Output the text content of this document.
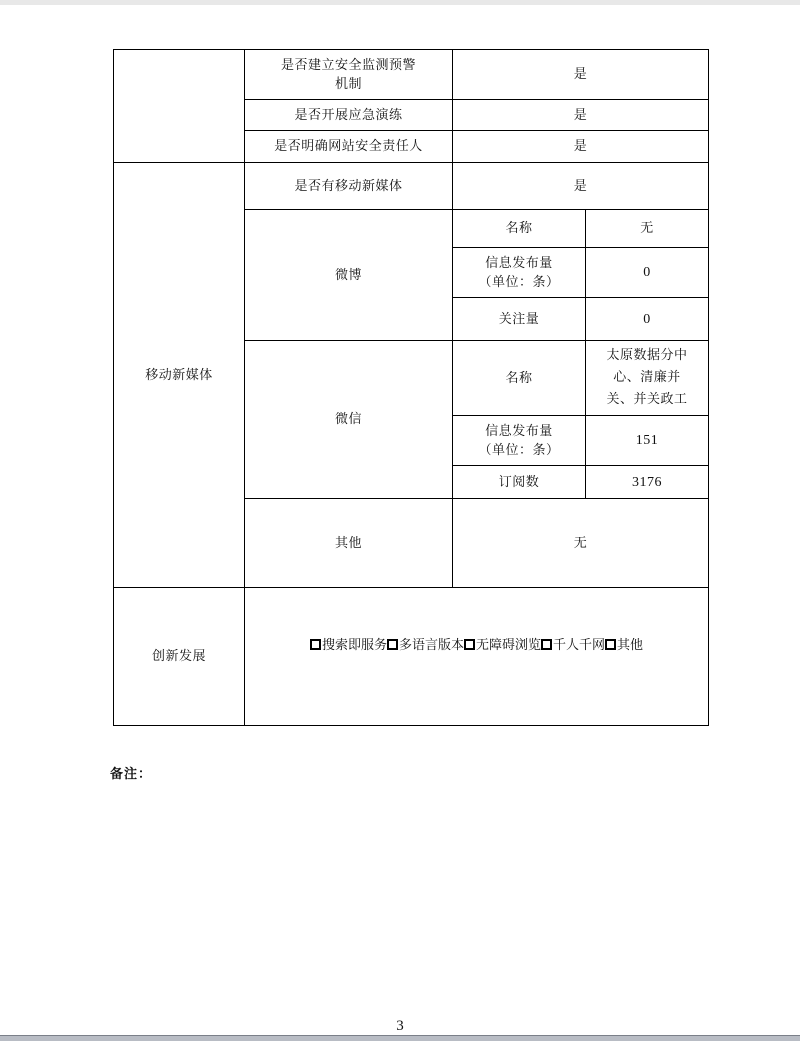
	是否建立安全监测预警
机制	是	
	是否开展应急演练	是	
	是否明确网站安全责任人	是	
移动新媒体	是否有移动新媒体	是	
	微博	名称	无
		信息发布量
（单位：条）	0
		关注量	0
	微信	名称	太原数据分中
心、清廉并
关、并关政工
		信息发布量
（单位：条）	151
		订阅数	3176
	其他	无	
创新发展	搜索即服务 多语言版本 无障碍浏览 千人千网 其他		
备注：
3
